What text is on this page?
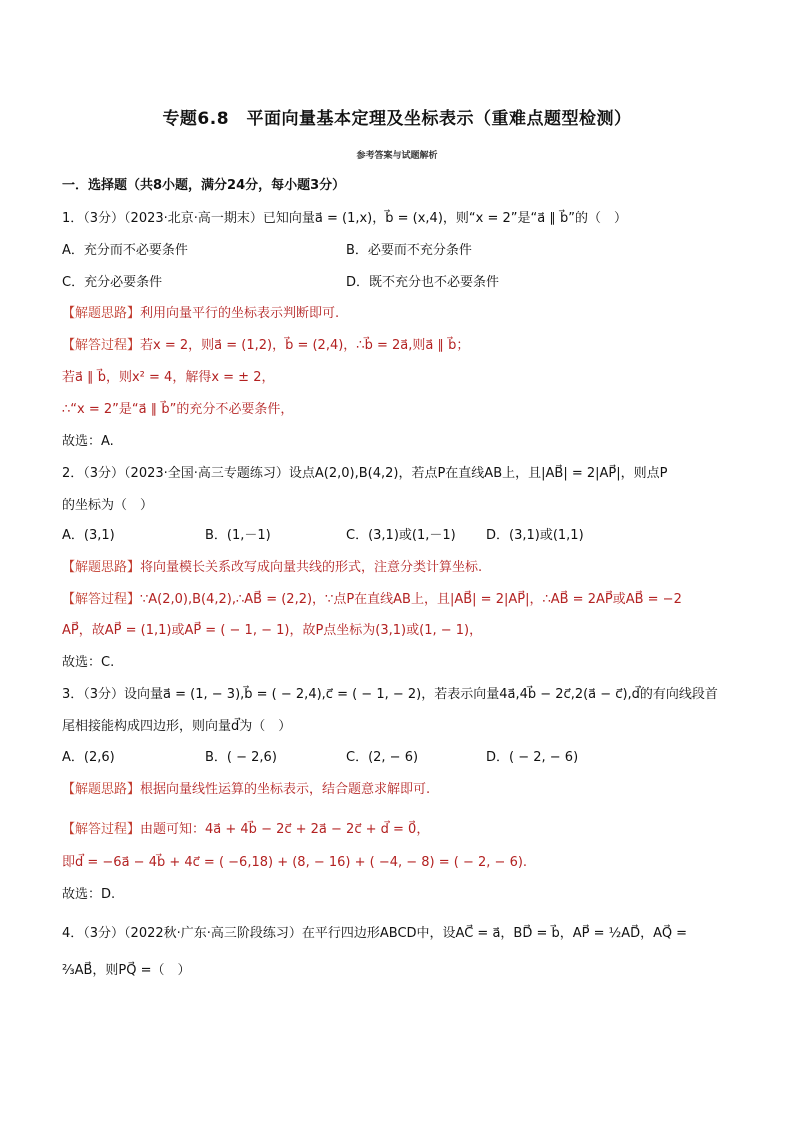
专题6.8　平面向量基本定理及坐标表示（重难点题型检测）
参考答案与试题解析
一．选择题（共8小题，满分24分，每小题3分）
1．（3分）（2023·北京·高一期末）已知向量a⃗ = (1,x)，b⃗ = (x,4)，则“x = 2”是“a⃗ ∥ b⃗”的（　）
A．充分而不必要条件	B．必要而不充分条件
C．充分必要条件	D．既不充分也不必要条件
【解题思路】利用向量平行的坐标表示判断即可.
【解答过程】若x = 2，则a⃗ = (1,2)，b⃗ = (2,4)，∴b⃗ = 2a⃗,则a⃗ ∥ b⃗；
若a⃗ ∥ b⃗，则x² = 4，解得x = ± 2，
∴“x = 2”是“a⃗ ∥ b⃗”的充分不必要条件，
故选：A.
2．（3分）（2023·全国·高三专题练习）设点A(2,0),B(4,2)，若点P在直线AB上，且|AB⃗| = 2|AP⃗|，则点P
的坐标为（　）
A．(3,1)	B．(1,－1)	C．(3,1)或(1,－1) D．(3,1)或(1,1)
【解题思路】将向量模长关系改写成向量共线的形式，注意分类计算坐标.
【解答过程】∵A(2,0),B(4,2),∴AB⃗ = (2,2)，∵点P在直线AB上，且|AB⃗| = 2|AP⃗|，∴AB⃗ = 2AP⃗或AB⃗ = −2
AP⃗，故AP⃗ = (1,1)或AP⃗ = ( − 1, − 1)，故P点坐标为(3,1)或(1, − 1)，
故选：C.
3．（3分）设向量a⃗ = (1, − 3),b⃗ = ( − 2,4),c⃗ = ( − 1, − 2)，若表示向量4a⃗,4b⃗ − 2c⃗,2(a⃗ − c⃗),d⃗的有向线段首
尾相接能构成四边形，则向量d⃗为（　）
A．(2,6)	B．( − 2,6)	C．(2, − 6)	D．( − 2, − 6)
【解题思路】根据向量线性运算的坐标表示，结合题意求解即可.
【解答过程】由题可知：4a⃗ + 4b⃗ − 2c⃗ + 2a⃗ − 2c⃗ + d⃗ = 0⃗，
即d⃗ = −6a⃗ − 4b⃗ + 4c⃗ = ( −6,18) + (8, − 16) + ( −4, − 8) = ( − 2, − 6).
故选：D.
4．（3分）（2022秋·广东·高三阶段练习）在平行四边形ABCD中，设AC⃗ = a⃗，BD⃗ = b⃗，AP⃗ = ½AD⃗，AQ⃗ =
⅔AB⃗，则PQ⃗ =（　）
